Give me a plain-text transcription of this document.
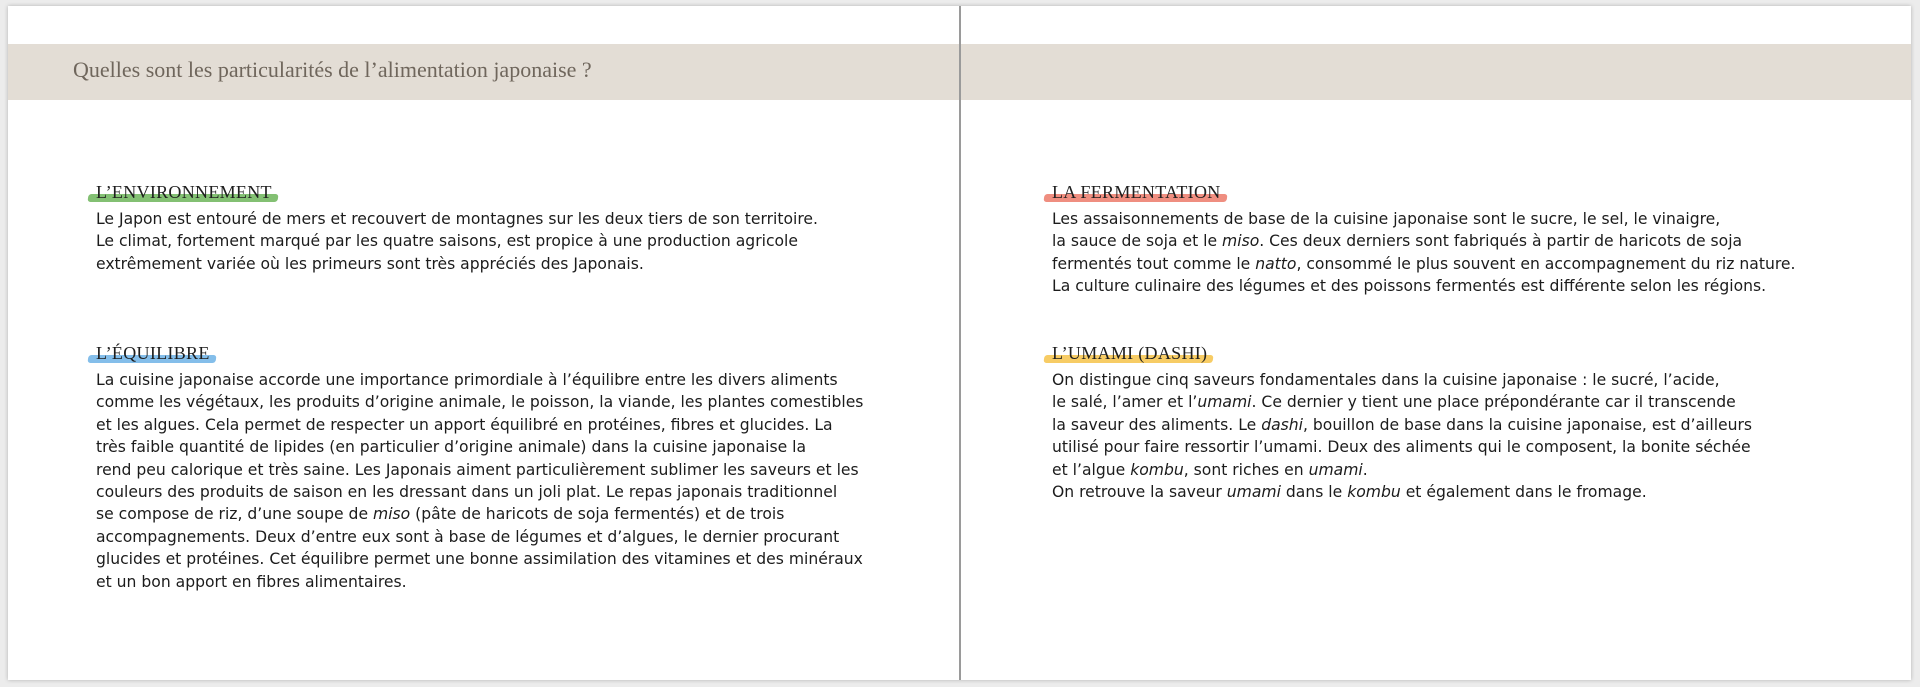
Quelles sont les particularités de l’alimentation japonaise ?
L’ENVIRONNEMENT
Le Japon est entouré de mers et recouvert de montagnes sur les deux tiers de son territoire.
Le climat, fortement marqué par les quatre saisons, est propice à une production agricole
extrêmement variée où les primeurs sont très appréciés des Japonais.
L’ÉQUILIBRE
La cuisine japonaise accorde une importance primordiale à l’équilibre entre les divers aliments
comme les végétaux, les produits d’origine animale, le poisson, la viande, les plantes comestibles
et les algues. Cela permet de respecter un apport équilibré en protéines, fibres et glucides. La
très faible quantité de lipides (en particulier d’origine animale) dans la cuisine japonaise la
rend peu calorique et très saine. Les Japonais aiment particulièrement sublimer les saveurs et les
couleurs des produits de saison en les dressant dans un joli plat. Le repas japonais traditionnel
se compose de riz, d’une soupe de miso (pâte de haricots de soja fermentés) et de trois
accompagnements. Deux d’entre eux sont à base de légumes et d’algues, le dernier procurant
glucides et protéines. Cet équilibre permet une bonne assimilation des vitamines et des minéraux
et un bon apport en fibres alimentaires.
LA FERMENTATION
Les assaisonnements de base de la cuisine japonaise sont le sucre, le sel, le vinaigre,
la sauce de soja et le miso. Ces deux derniers sont fabriqués à partir de haricots de soja
fermentés tout comme le natto, consommé le plus souvent en accompagnement du riz nature.
La culture culinaire des légumes et des poissons fermentés est différente selon les régions.
L’UMAMI (DASHI)
On distingue cinq saveurs fondamentales dans la cuisine japonaise : le sucré, l’acide,
le salé, l’amer et l’umami. Ce dernier y tient une place prépondérante car il transcende
la saveur des aliments. Le dashi, bouillon de base dans la cuisine japonaise, est d’ailleurs
utilisé pour faire ressortir l’umami. Deux des aliments qui le composent, la bonite séchée
et l’algue kombu, sont riches en umami.
On retrouve la saveur umami dans le kombu et également dans le fromage.
